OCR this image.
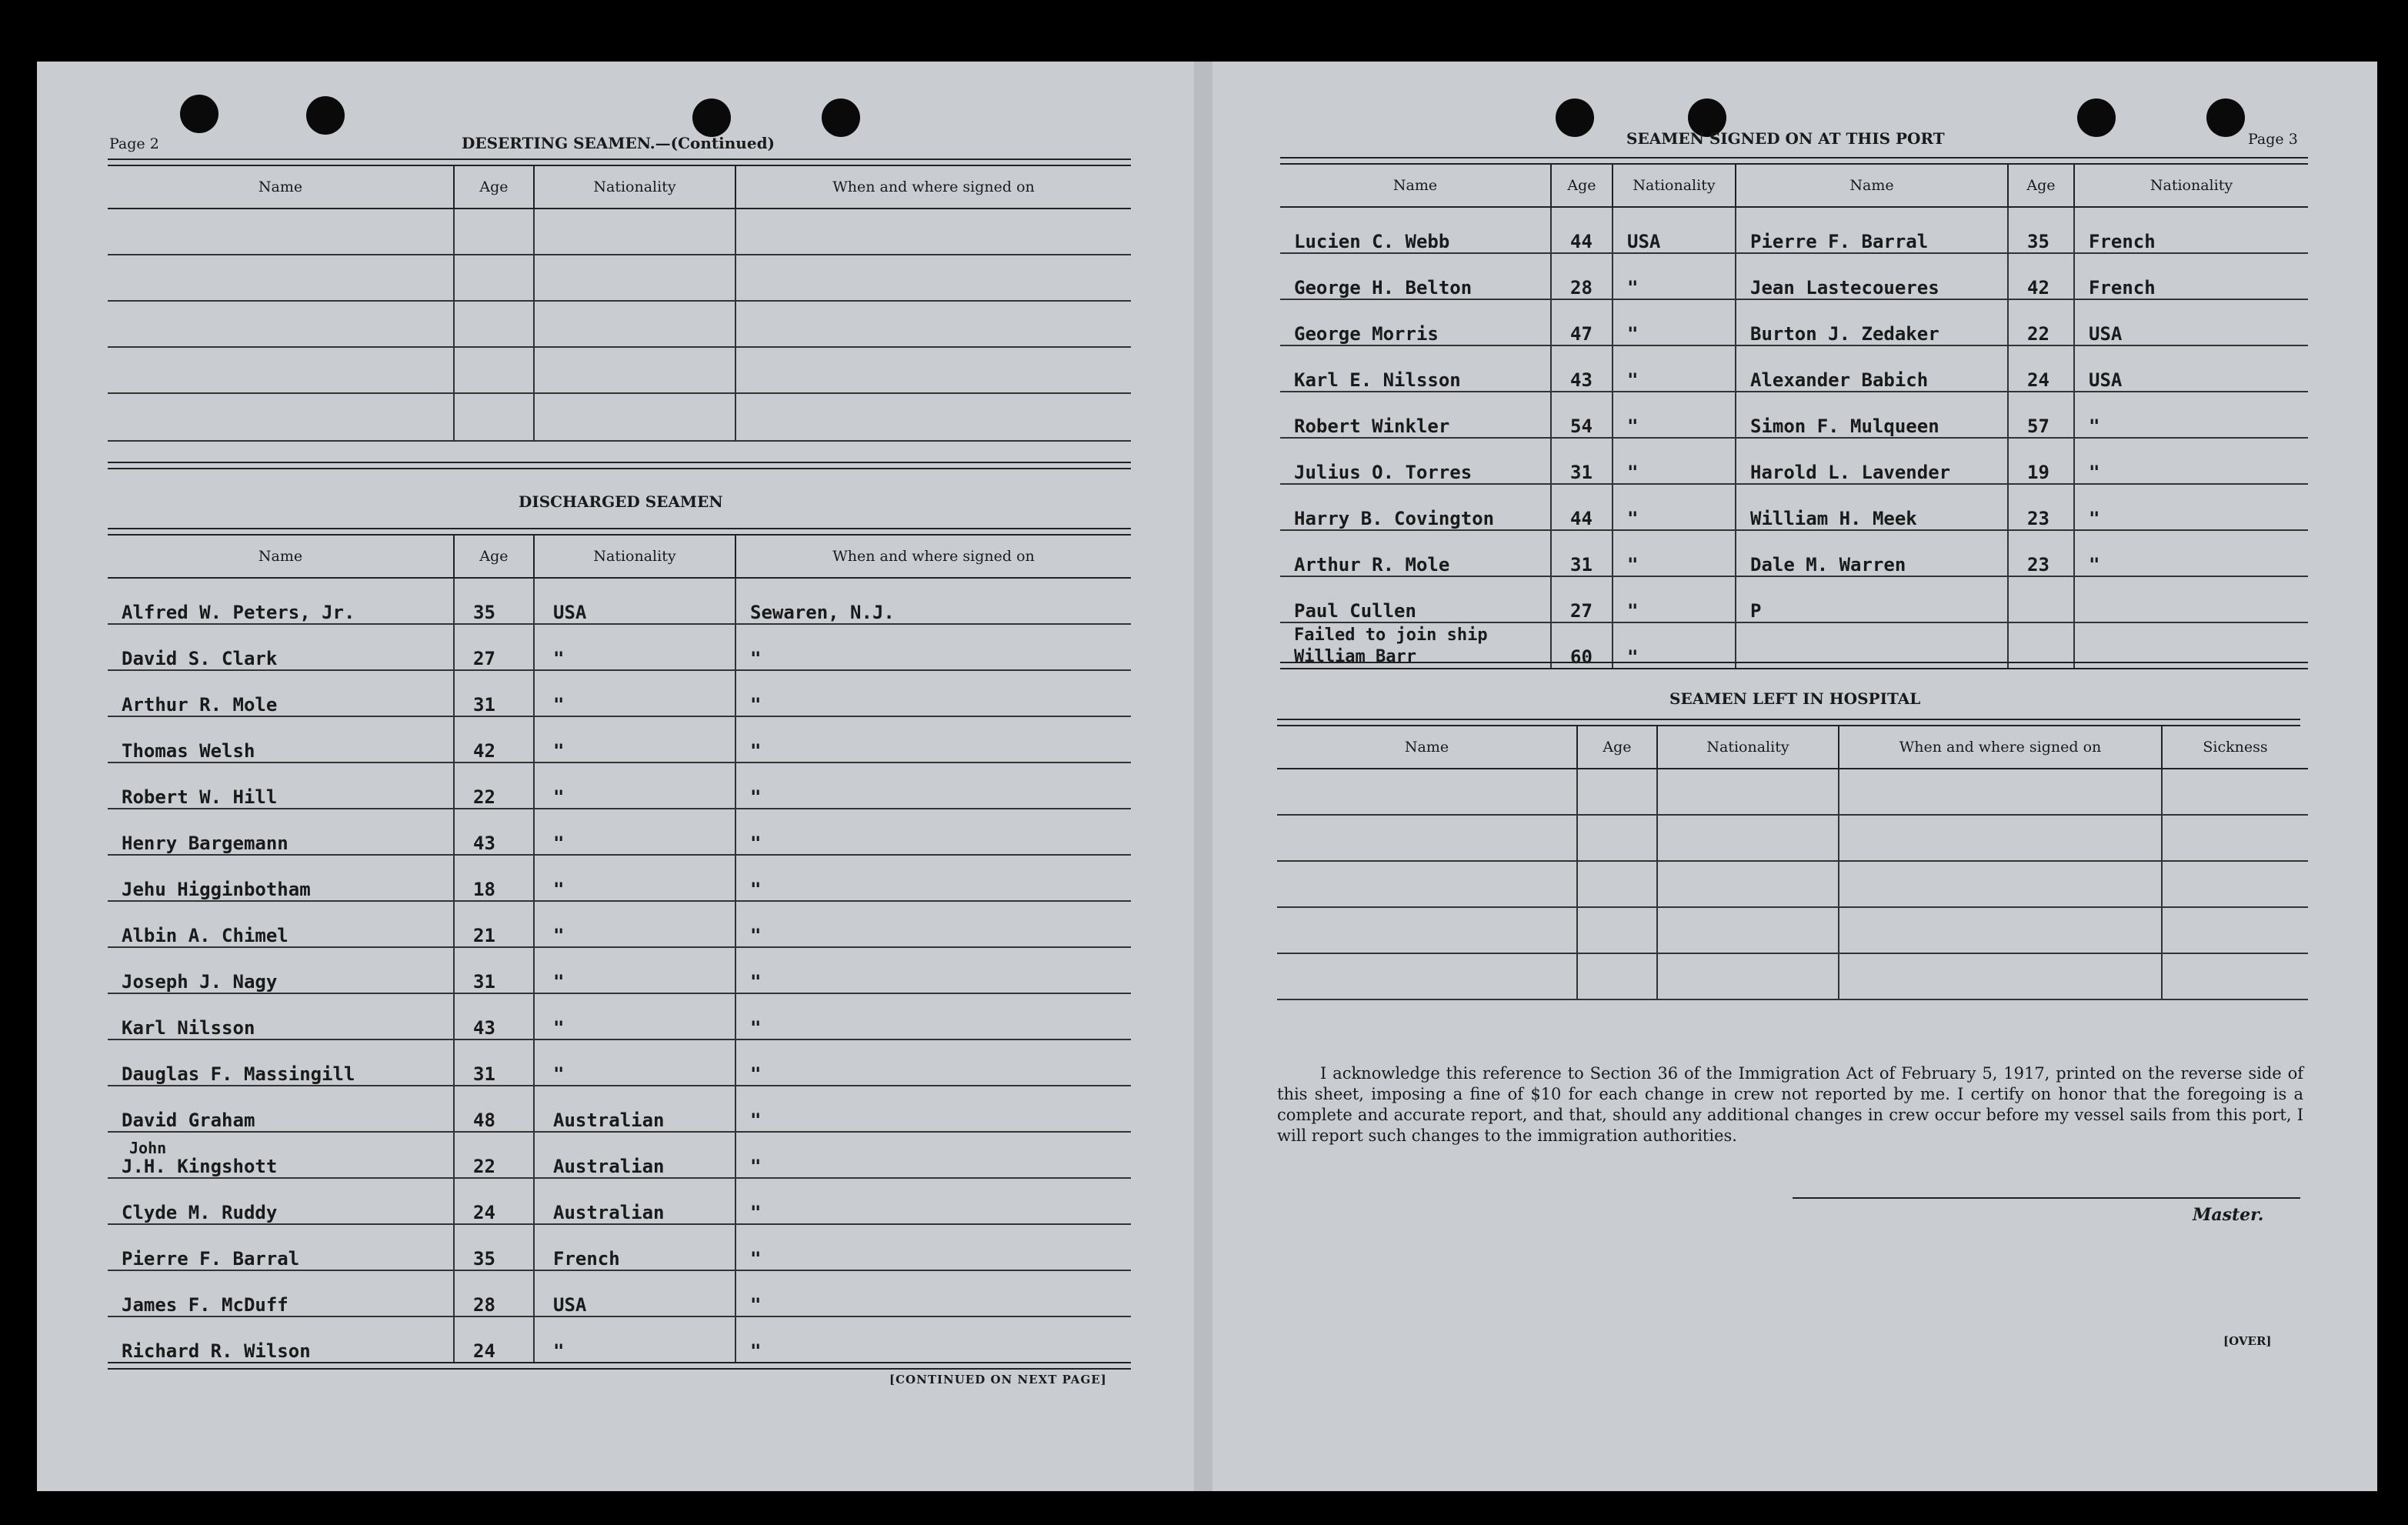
Page 2	DESERTING SEAMEN.—(Continued)
Name	Age	Nationality	When and where signed on

DISCHARGED SEAMEN
Name	Age	Nationality	When and where signed on
Alfred W. Peters, Jr.	35	USA	Sewaren, N.J.
David S. Clark	27	"	"
Arthur R. Mole	31	"	"
Thomas Welsh	42	"	"
Robert W. Hill	22	"	"
Henry Bargemann	43	"	"
Jehu Higginbotham	18	"	"
Albin A. Chimel	21	"	"
Joseph J. Nagy	31	"	"
Karl Nilsson	43	"	"
Dauglas F. Massingill	31	"	"
David Graham	48	Australian	"
J.H. Kingshott	22	Australian	"
Clyde M. Ruddy	24	Australian	"
Pierre F. Barral	35	French	"
James F. McDuff	28	USA	"
Richard R. Wilson	24	"	"
[CONTINUED ON NEXT PAGE]
John
SEAMEN SIGNED ON AT THIS PORT	Page 3
Name	Age	Nationality	Name	Age	Nationality
Lucien C. Webb	44	USA	Pierre F. Barral	35	French
George H. Belton	28	"	Jean Lastecoueres	42	French
George Morris	47	"	Burton J. Zedaker	22	USA
Karl E. Nilsson	43	"	Alexander Babich	24	USA
Robert Winkler	54	"	Simon F. Mulqueen	57	"
Julius O. Torres	31	"	Harold L. Lavender	19	"
Harry B. Covington	44	"	William H. Meek	23	"
Arthur R. Mole	31	"	Dale M. Warren	23	"
Paul Cullen	27	"	P		

Failed to join ship
William Barr	60	"			
SEAMEN LEFT IN HOSPITAL
Name	Age	Nationality	When and where signed on	Sickness

I acknowledge this reference to Section 36 of the Immigration Act of February 5, 1917, printed on the reverse side of this sheet, imposing a fine of $10 for each change in crew not reported by me. I certify on honor that the foregoing is a complete and accurate report, and that, should any additional changes in crew occur before my vessel sails from this port, I will report such changes to the immigration authorities.
Master.
[OVER]
